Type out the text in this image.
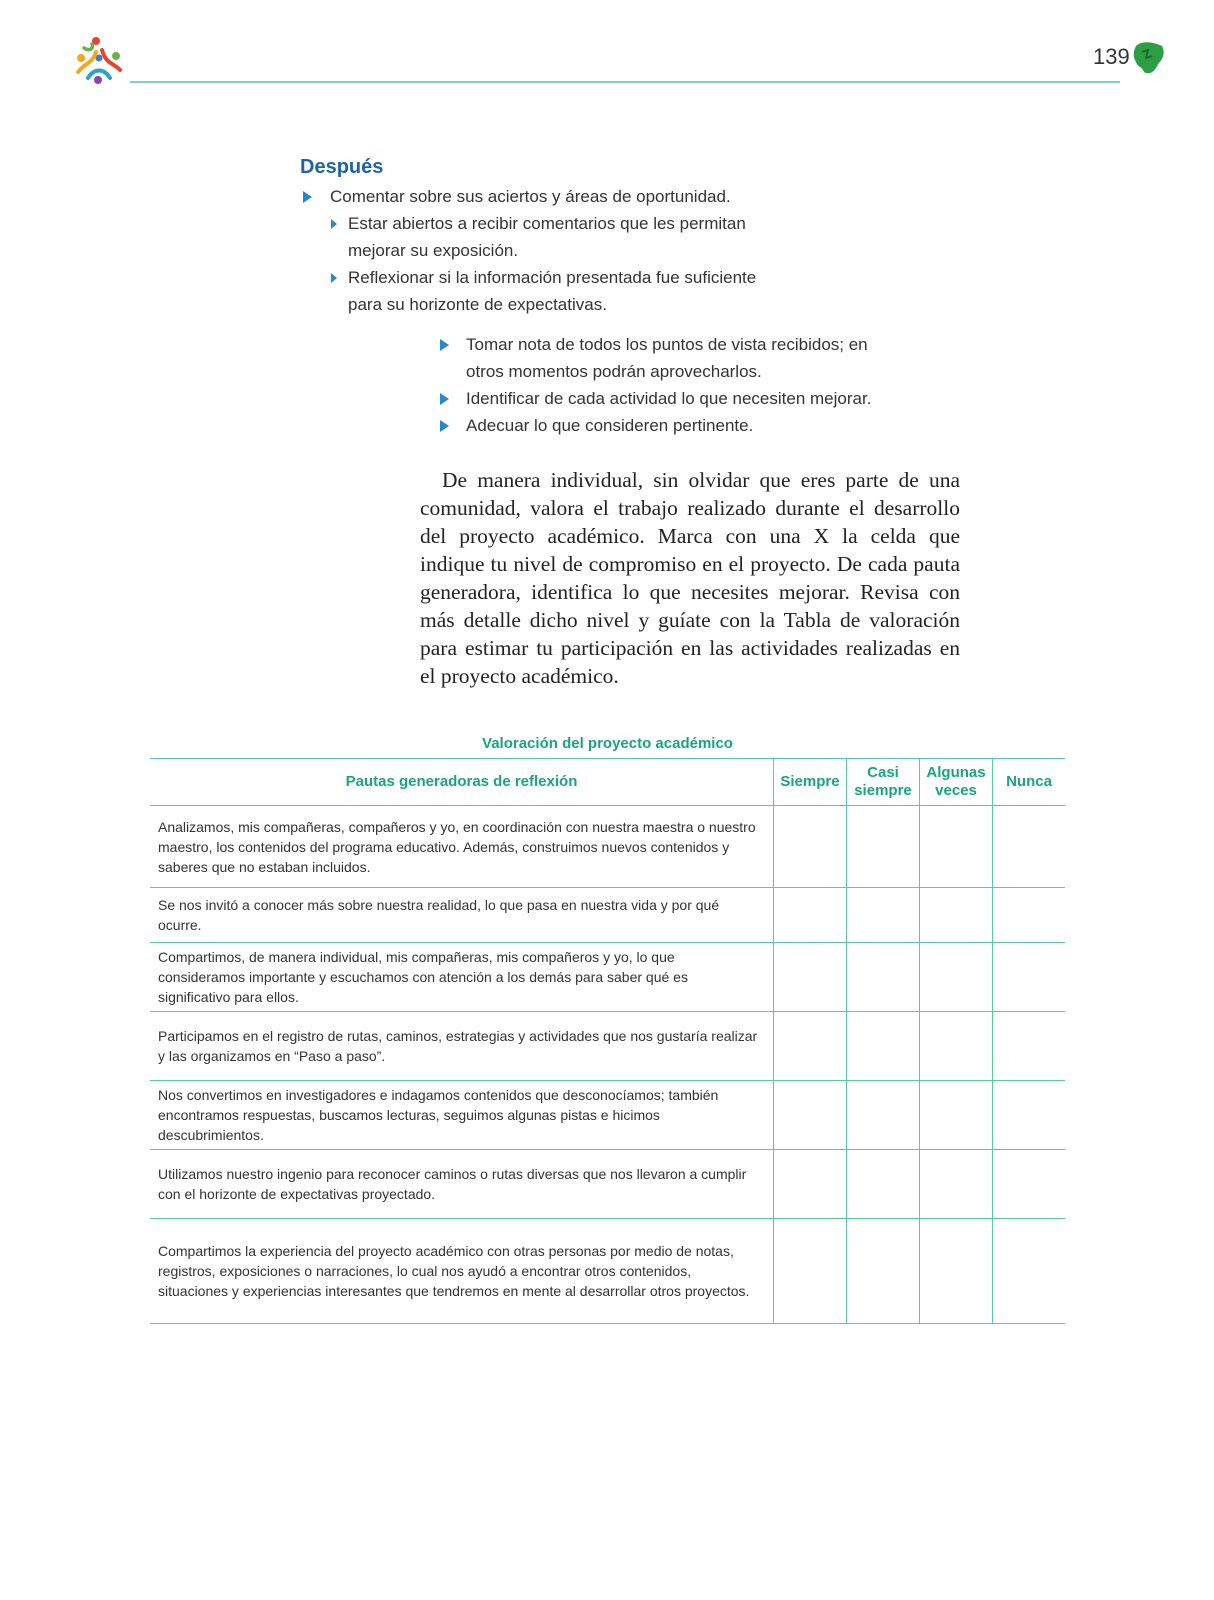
139
Después
Comentar sobre sus aciertos y áreas de oportunidad.
Estar abiertos a recibir comentarios que les permitan mejorar su exposición.
Reflexionar si la información presentada fue suficiente para su horizonte de expectativas.
Tomar nota de todos los puntos de vista recibidos; en otros momentos podrán aprovecharlos.
Identificar de cada actividad lo que necesiten mejorar.
Adecuar lo que consideren pertinente.

De manera individual, sin olvidar que eres parte de una comunidad, valora el trabajo realizado durante el desarrollo del proyecto académico. Marca con una X la celda que indique tu nivel de compromiso en el proyecto. De cada pauta generadora, identifica lo que necesites mejorar. Revisa con más detalle dicho nivel y guíate con la Tabla de valoración para estimar tu participación en las actividades realizadas en el proyecto académico.

Valoración del proyecto académico
Pautas generadoras de reflexión	Siempre	Casi siempre	Algunas veces	Nunca
Analizamos, mis compañeras, compañeros y yo, en coordinación con nuestra maestra o nuestro maestro, los contenidos del programa educativo. Además, construimos nuevos contenidos y saberes que no estaban incluidos.				
Se nos invitó a conocer más sobre nuestra realidad, lo que pasa en nuestra vida y por qué ocurre.				
Compartimos, de manera individual, mis compañeras, mis compañeros y yo, lo que consideramos importante y escuchamos con atención a los demás para saber qué es significativo para ellos.				
Participamos en el registro de rutas, caminos, estrategias y actividades que nos gustaría realizar y las organizamos en “Paso a paso”.				
Nos convertimos en investigadores e indagamos contenidos que desconocíamos; también encontramos respuestas, buscamos lecturas, seguimos algunas pistas e hicimos descubrimientos.				
Utilizamos nuestro ingenio para reconocer caminos o rutas diversas que nos llevaron a cumplir con el horizonte de expectativas proyectado.				
Compartimos la experiencia del proyecto académico con otras personas por medio de notas, registros, exposiciones o narraciones, lo cual nos ayudó a encontrar otros contenidos, situaciones y experiencias interesantes que tendremos en mente al desarrollar otros proyectos.				
